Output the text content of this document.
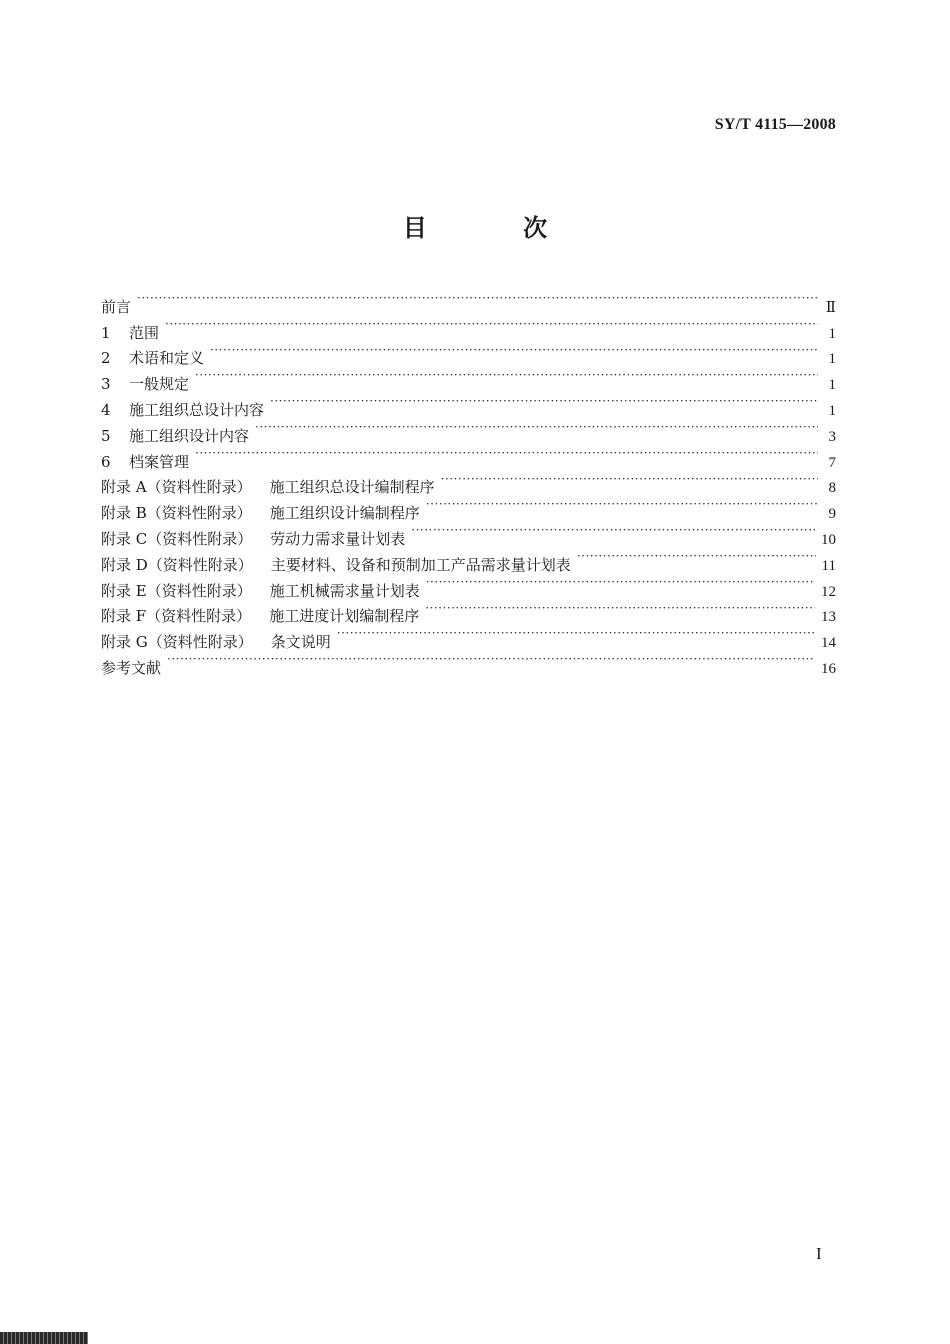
SY/T 4115—2008
目 次
前言 ·····	Ⅱ
1	范围 ·····	1
2	术语和定义 ·····	1
3	一般规定 ·····	1
4	施工组织总设计内容 ·····	1
5	施工组织设计内容 ·····	3
6	档案管理 ·····	7
附录 A（资料性附录） 施工组织总设计编制程序 ·····	8
附录 B（资料性附录） 施工组织设计编制程序 ·····	9
附录 C（资料性附录） 劳动力需求量计划表 ·····	10
附录 D（资料性附录） 主要材料、设备和预制加工产品需求量计划表 ·····	11
附录 E（资料性附录） 施工机械需求量计划表 ·····	12
附录 F（资料性附录） 施工进度计划编制程序 ·····	13
附录 G（资料性附录） 条文说明 ·····	14
参考文献 ·····	16
I
